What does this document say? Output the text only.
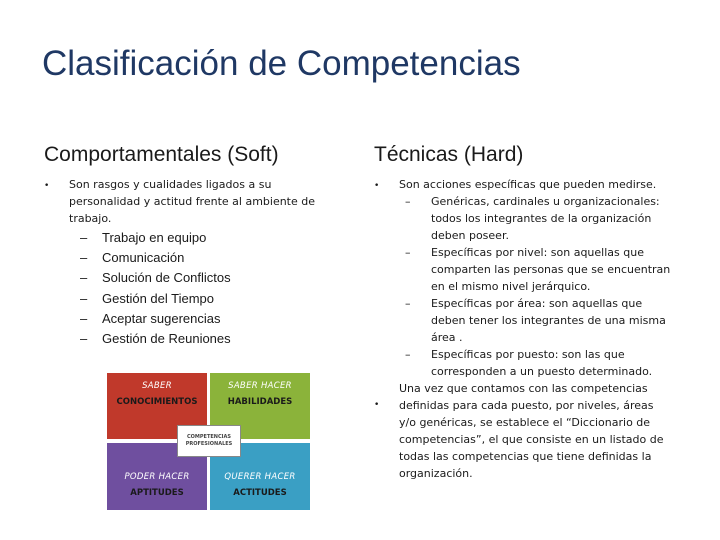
Clasificación de Competencias
Comportamentales (Soft)	Técnicas (Hard)
• Son rasgos y cualidades ligados a su personalidad y actitud frente al ambiente de trabajo.
– Trabajo en equipo
– Comunicación
– Solución de Conflictos
– Gestión del Tiempo
– Aceptar sugerencias
– Gestión de Reuniones
SABER
CONOCIMIENTOS
SABER HACER
HABILIDADES
PODER HACER
APTITUDES
QUERER HACER
ACTITUDES
COMPETENCIAS
PROFESIONALES
•
•
Son acciones específicas que pueden medirse.
– Genéricas, cardinales u organizacionales:
todos los integrantes de la organización
deben poseer.
– Específicas por nivel: son aquellas que
comparten las personas que se encuentran
en el mismo nivel jerárquico.
– Específicas por área: son aquellas que
deben tener los integrantes de una misma
área .
– Específicas por puesto: son las que
corresponden a un puesto determinado.
Una vez que contamos con las competencias
definidas para cada puesto, por niveles, áreas
y/o genéricas, se establece el “Diccionario de
competencias”, el que consiste en un listado de
todas las competencias que tiene definidas la
organización.
